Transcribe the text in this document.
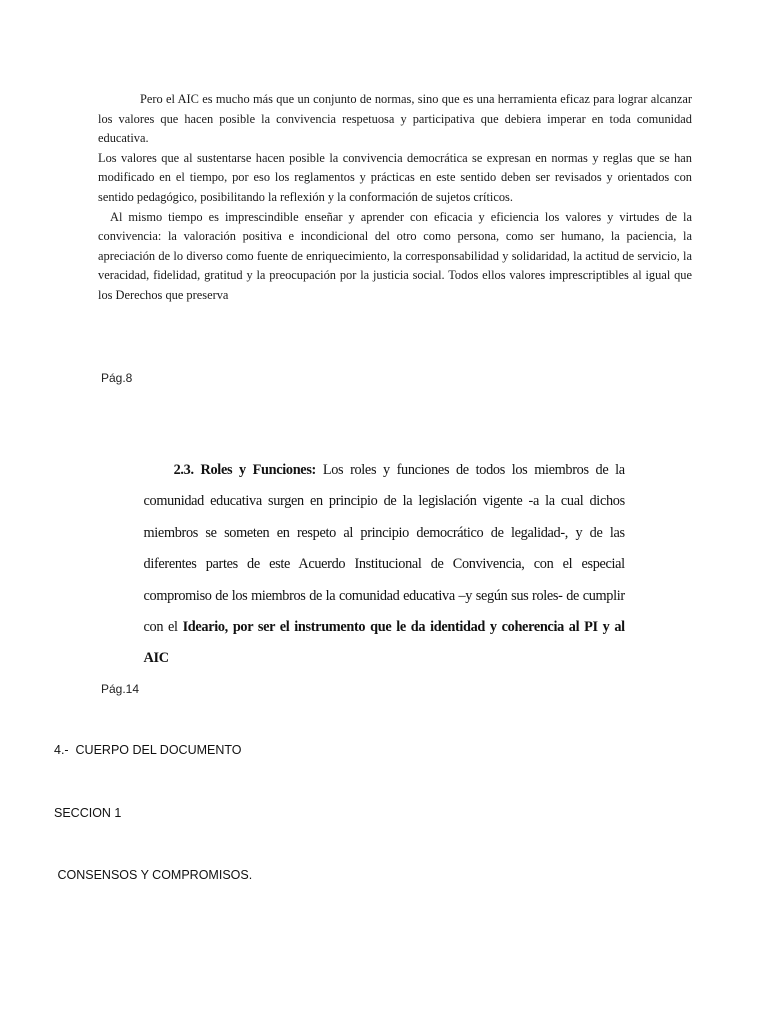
Pero el AIC es mucho más que un conjunto de normas, sino que es una herramienta eficaz para lograr alcanzar los valores que hacen posible la convivencia respetuosa y participativa que debiera imperar en toda comunidad educativa.

Los valores que al sustentarse hacen posible la convivencia democrática se expresan en normas y reglas que se han modificado en el tiempo, por eso los reglamentos y prácticas en este sentido deben ser revisados y orientados con sentido pedagógico, posibilitando la reflexión y la conformación de sujetos críticos.

Al mismo tiempo es imprescindible enseñar y aprender con eficacia y eficiencia los valores y virtudes de la convivencia: la valoración positiva e incondicional del otro como persona, como ser humano, la paciencia, la apreciación de lo diverso como fuente de enriquecimiento, la corresponsabilidad y solidaridad, la actitud de servicio, la veracidad, fidelidad, gratitud y la preocupación por la justicia social. Todos ellos valores imprescriptibles al igual que los Derechos que preserva

Pág.8

2.3. Roles y Funciones: Los roles y funciones de todos los miembros de la comunidad educativa surgen en principio de la legislación vigente -a la cual dichos miembros se someten en respeto al principio democrático de legalidad-, y de las diferentes partes de este Acuerdo Institucional de Convivencia, con el especial compromiso de los miembros de la comunidad educativa –y según sus roles- de cumplir con el Ideario, por ser el instrumento que le da identidad y coherencia al PI y al AIC

Pág.14
4.-  CUERPO DEL DOCUMENTO
SECCION 1
CONSENSOS Y COMPROMISOS.
